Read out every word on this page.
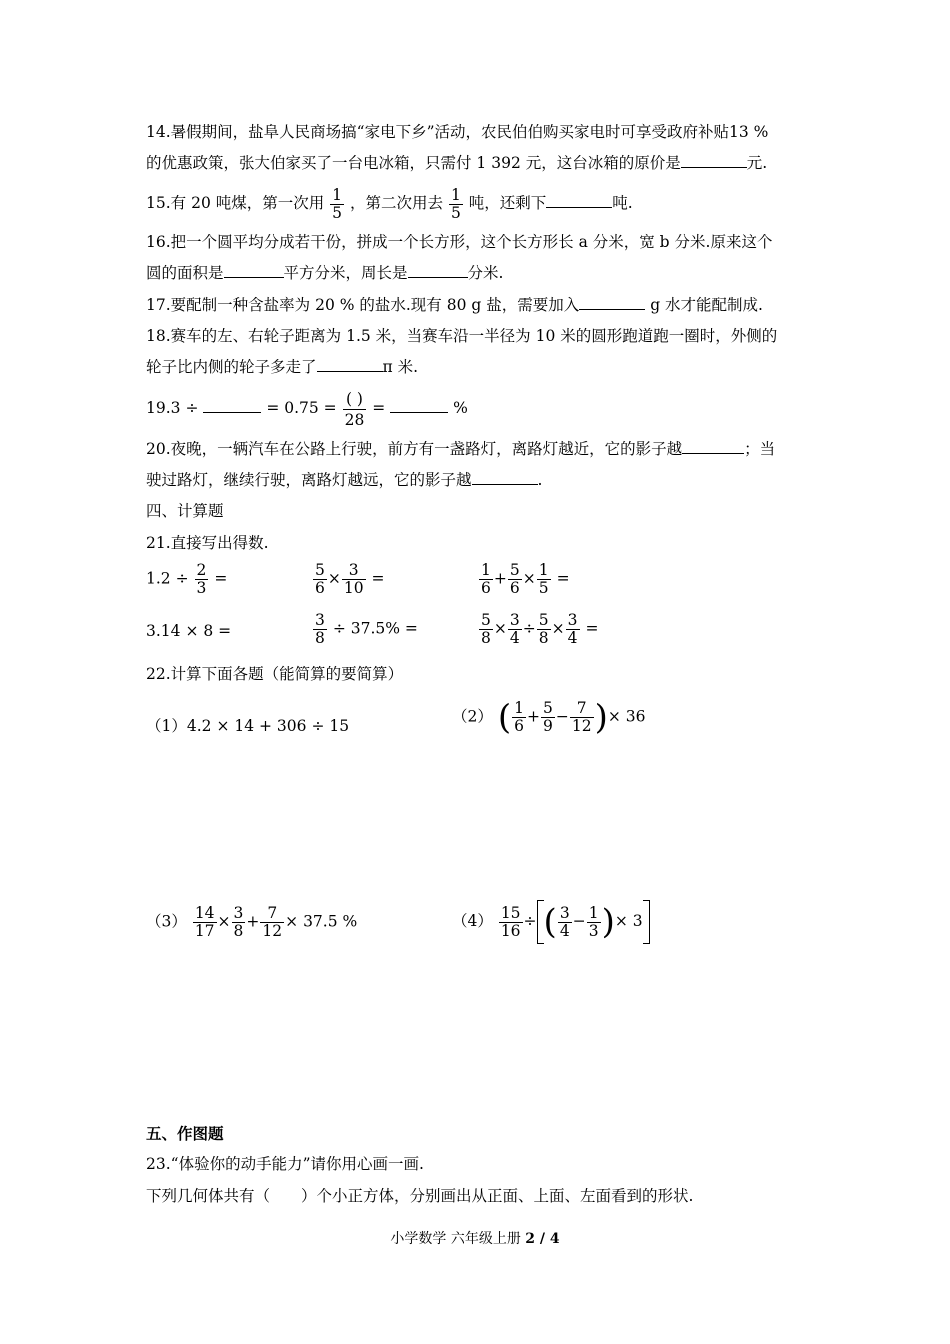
14.暑假期间，盐阜人民商场搞“家电下乡”活动，农民伯伯购买家电时可享受政府补贴13 %
的优惠政策，张大伯家买了一台电冰箱，只需付 1 392 元，这台冰箱的原价是	元.
15.有 20 吨煤，第一次用 $\frac{1}{5}$ ，第二次用去 $\frac{1}{5}$ 吨，还剩下	吨.
16.把一个圆平均分成若干份，拼成一个长方形，这个长方形长 a 分米，宽 b 分米.原来这个
圆的面积是	平方分米，周长是	分米.
17.要配制一种含盐率为 20 % 的盐水.现有 80 g 盐，需要加入	g 水才能配制成.
18.赛车的左、右轮子距离为 1.5 米，当赛车沿一半径为 10 米的圆形跑道跑一圈时，外侧的
轮子比内侧的轮子多走了	π 米.
19.3 ÷	= $0.75 = \frac{( )}{28}$ =	%
20.夜晚，一辆汽车在公路上行驶，前方有一盏路灯，离路灯越近，它的影子越	；当
驶过路灯，继续行驶，离路灯越远，它的影子越	.
四、计算题
21.直接写出得数.
$1.2 \div \frac{2}{3}$ =	$\frac{5}{6} \times \frac{3}{10}$ =	$\frac{1}{6} + \frac{5}{6} \times \frac{1}{5}$ =
3.14 × 8 =	$\frac{3}{8} \div 37.5\%$ =	$\frac{5}{8} \times \frac{3}{4} \div \frac{5}{8} \times \frac{3}{4}$ =
22.计算下面各题（能简算的要简算）
（1）4.2 × 14 + 306 ÷ 15
（2） ( $\frac{1}{6} + \frac{5}{9} - \frac{7}{12}$ )× 36
$(3) \frac{14}{17} \times \frac{3}{8} + \frac{7}{12} \times 37.5$ %	$(4) \frac{15}{16}$ ÷ ( $\frac{3}{4} - \frac{1}{3}$ )× 3
五、作图题
23.“体验你的动手能力”请你用心画一画.
下列几何体共有（　　）个小正方体，分别画出从正面、上面、左面看到的形状.
小学数学 六年级上册 2 / 4
